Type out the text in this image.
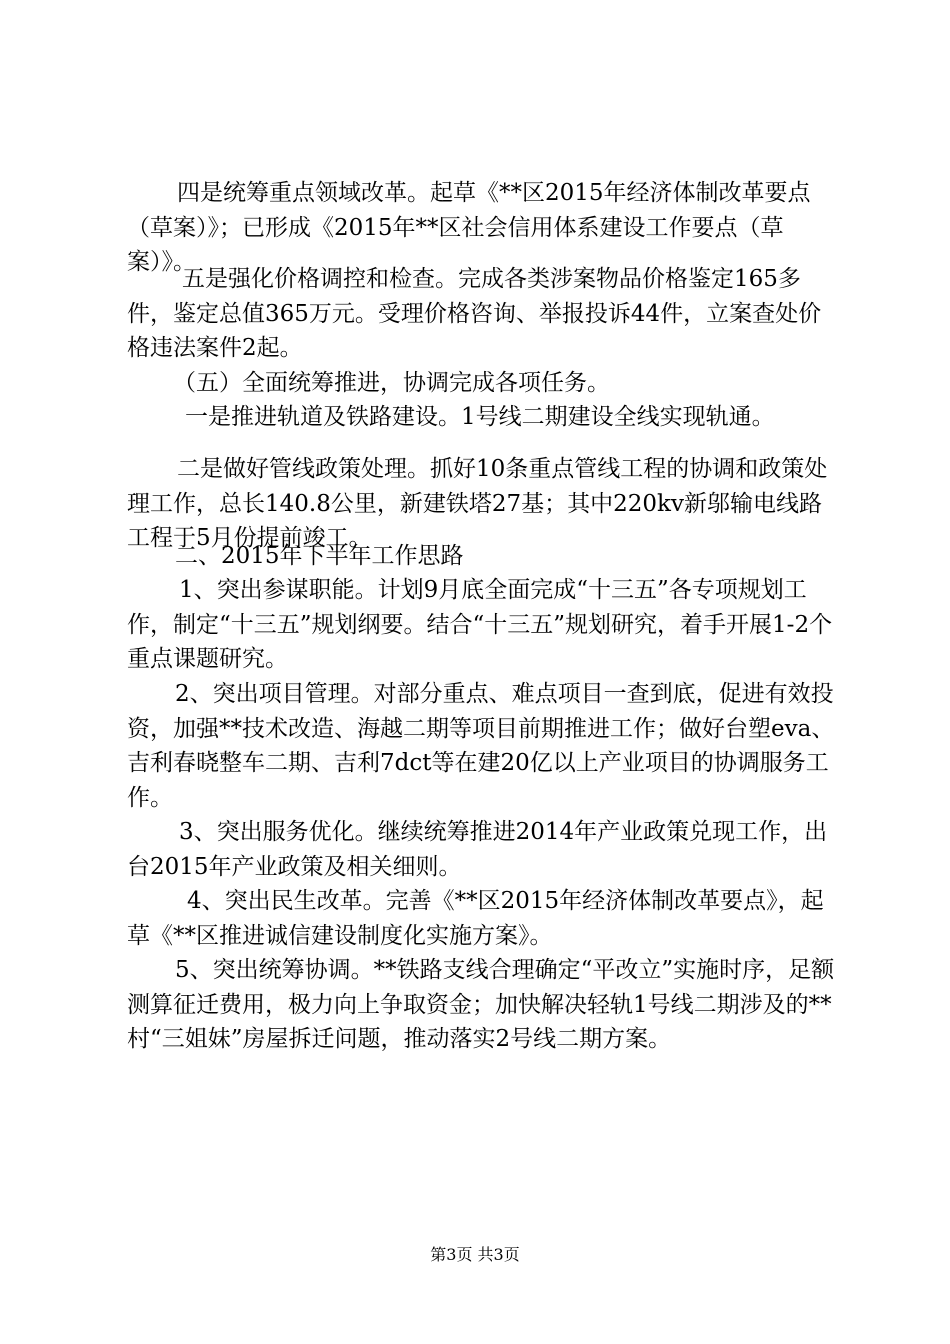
四是统筹重点领域改革。起草《**区2015年经济体制改革要点（草案）》；已形成《2015年**区社会信用体系建设工作要点（草案）》。

五是强化价格调控和检查。完成各类涉案物品价格鉴定165多件，鉴定总值365万元。受理价格咨询、举报投诉44件，立案查处价格违法案件2起。

（五）全面统筹推进，协调完成各项任务。

一是推进轨道及铁路建设。1号线二期建设全线实现轨通。

二是做好管线政策处理。抓好10条重点管线工程的协调和政策处理工作，总长140.8公里，新建铁塔27基；其中220kv新邬输电线路工程于5月份提前竣工。

二、2015年下半年工作思路

1、突出参谋职能。计划9月底全面完成“十三五”各专项规划工作，制定“十三五”规划纲要。结合“十三五”规划研究，着手开展1-2个重点课题研究。

2、突出项目管理。对部分重点、难点项目一查到底，促进有效投资，加强**技术改造、海越二期等项目前期推进工作；做好台塑eva、吉利春晓整车二期、吉利7dct等在建20亿以上产业项目的协调服务工作。

3、突出服务优化。继续统筹推进2014年产业政策兑现工作，出台2015年产业政策及相关细则。

4、突出民生改革。完善《**区2015年经济体制改革要点》，起草《**区推进诚信建设制度化实施方案》。

5、突出统筹协调。**铁路支线合理确定“平改立”实施时序，足额测算征迁费用，极力向上争取资金；加快解决轻轨1号线二期涉及的**村“三姐妹”房屋拆迁问题，推动落实2号线二期方案。

第3页 共3页
